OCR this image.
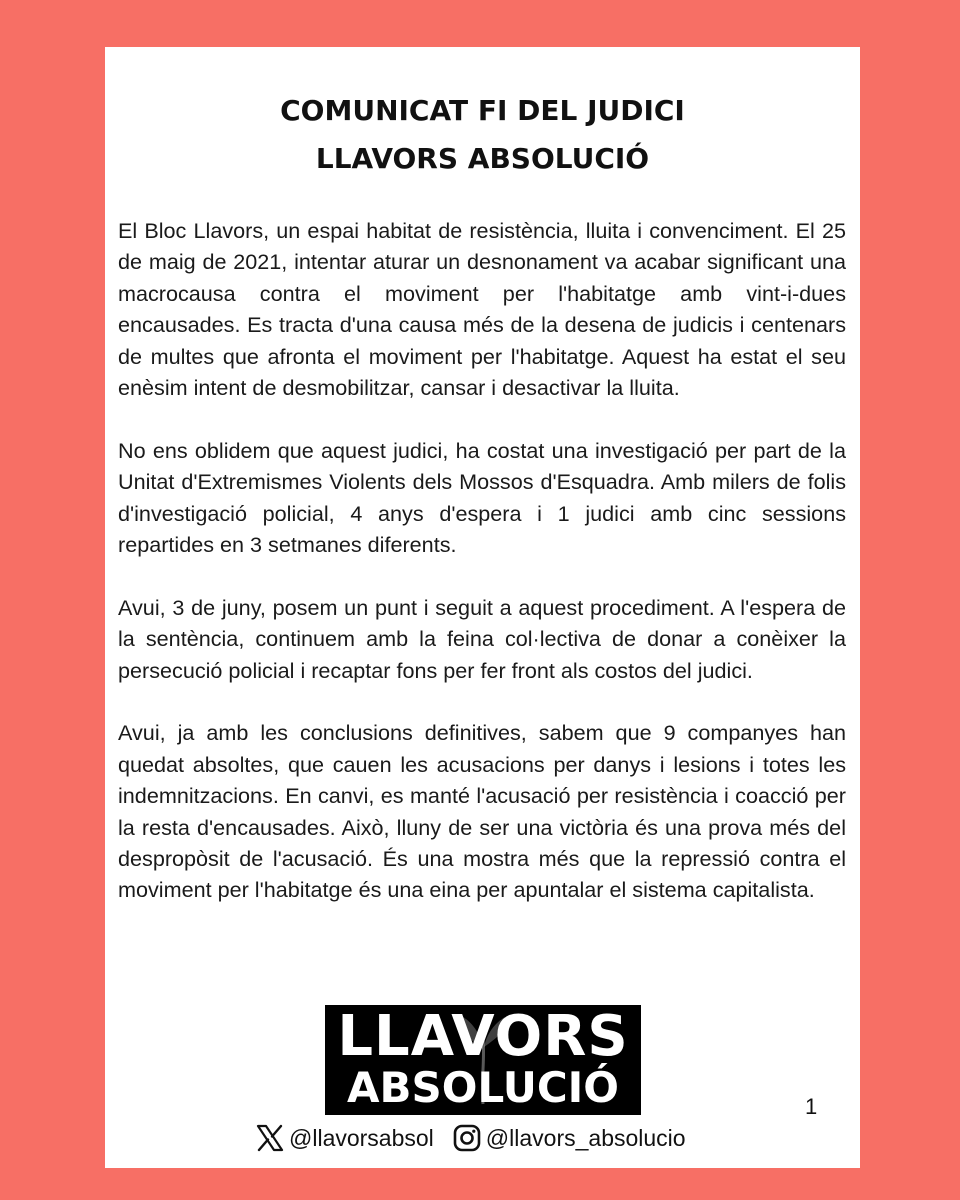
COMUNICAT FI DEL JUDICI
LLAVORS ABSOLUCIÓ

El Bloc Llavors, un espai habitat de resistència, lluita i convenciment. El 25 de maig de 2021, intentar aturar un desnonament va acabar significant una macrocausa contra el moviment per l'habitatge amb vint-i-dues encausades. Es tracta d'una causa més de la desena de judicis i centenars de multes que afronta el moviment per l'habitatge. Aquest ha estat el seu enèsim intent de desmobilitzar, cansar i desactivar la lluita.

No ens oblidem que aquest judici, ha costat una investigació per part de la Unitat d'Extremismes Violents dels Mossos d'Esquadra. Amb milers de folis d'investigació policial, 4 anys d'espera i 1 judici amb cinc sessions repartides en 3 setmanes diferents.

Avui, 3 de juny, posem un punt i seguit a aquest procediment. A l'espera de la sentència, continuem amb la feina col·lectiva de donar a conèixer la persecució policial i recaptar fons per fer front als costos del judici.

Avui, ja amb les conclusions definitives, sabem que 9 companyes han quedat absoltes, que cauen les acusacions per danys i lesions i totes les indemnitzacions. En canvi, es manté l'acusació per resistència i coacció per la resta d'encausades. Això, lluny de ser una victòria és una prova més del despropòsit de l'acusació. És una mostra més que la repressió contra el moviment per l'habitatge és una eina per apuntalar el sistema capitalista.

LLAVORS
ABSOLUCIÓ	1
@llavorsabsol @llavors_absolucio
